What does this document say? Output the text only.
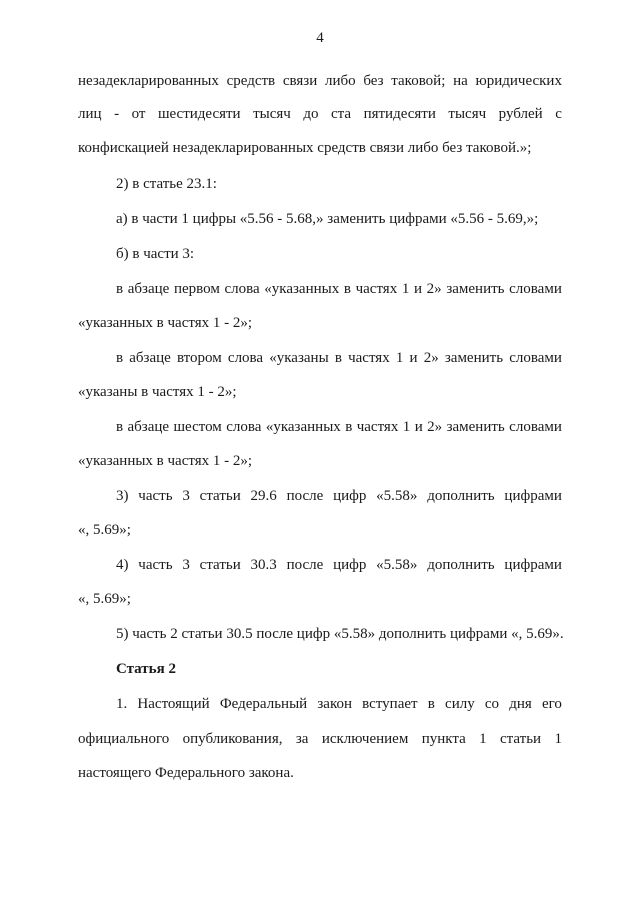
4
незадекларированных средств связи либо без таковой; на юридических
лиц - от шестидесяти тысяч до ста пятидесяти тысяч рублей с
конфискацией незадекларированных средств связи либо без таковой.»;
2) в статье 23.1:
а) в части 1 цифры «5.56 - 5.68,» заменить цифрами «5.56 - 5.69,»;
б) в части 3:
в абзаце первом слова «указанных в частях 1 и 2» заменить словами
«указанных в частях 1 - 2»;
в абзаце втором слова «указаны в частях 1 и 2» заменить словами
«указаны в частях 1 - 2»;
в абзаце шестом слова «указанных в частях 1 и 2» заменить словами
«указанных в частях 1 - 2»;
3) часть 3 статьи 29.6 после цифр «5.58» дополнить цифрами
«, 5.69»;
4) часть 3 статьи 30.3 после цифр «5.58» дополнить цифрами
«, 5.69»;
5) часть 2 статьи 30.5 после цифр «5.58» дополнить цифрами «, 5.69».
Статья 2
1. Настоящий Федеральный закон вступает в силу со дня его
официального опубликования, за исключением пункта 1 статьи 1
настоящего Федерального закона.
